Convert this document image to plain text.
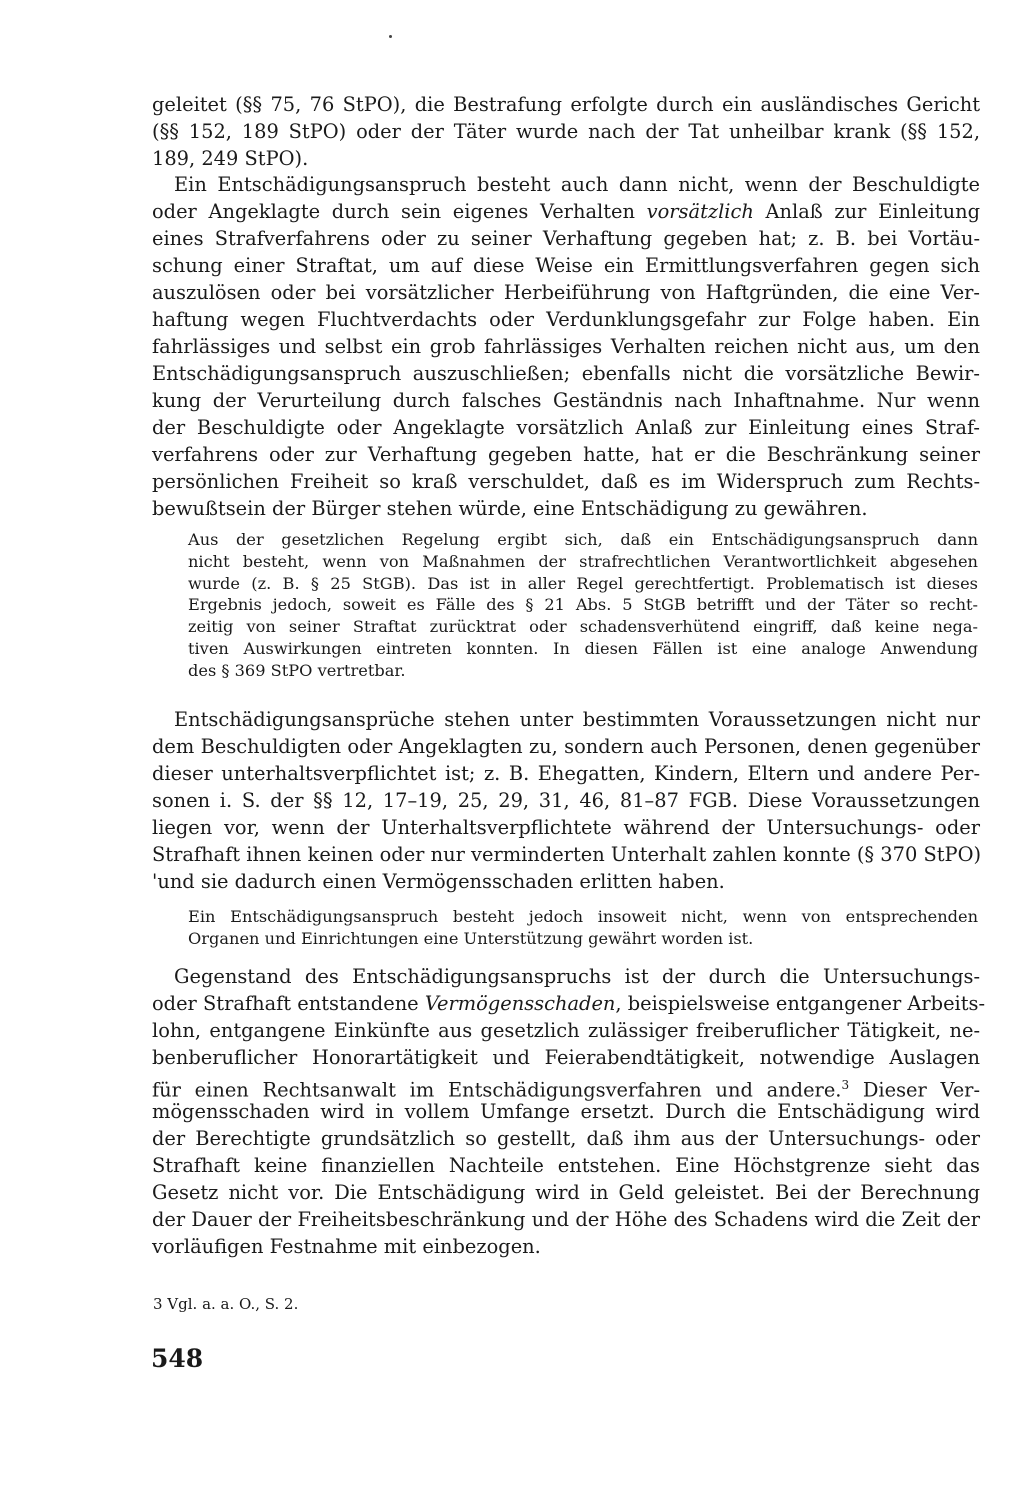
geleitet (§§ 75, 76 StPO), die Bestrafung erfolgte durch ein ausländisches Gericht
(§§ 152, 189 StPO) oder der Täter wurde nach der Tat unheilbar krank (§§ 152,
189, 249 StPO).
Ein Entschädigungsanspruch besteht auch dann nicht, wenn der Beschuldigte
oder Angeklagte durch sein eigenes Verhalten vorsätzlich Anlaß zur Einleitung
eines Strafverfahrens oder zu seiner Verhaftung gegeben hat; z. B. bei Vortäu-
schung einer Straftat, um auf diese Weise ein Ermittlungsverfahren gegen sich
auszulösen oder bei vorsätzlicher Herbeiführung von Haftgründen, die eine Ver-
haftung wegen Fluchtverdachts oder Verdunklungsgefahr zur Folge haben. Ein
fahrlässiges und selbst ein grob fahrlässiges Verhalten reichen nicht aus, um den
Entschädigungsanspruch auszuschließen; ebenfalls nicht die vorsätzliche Bewir-
kung der Verurteilung durch falsches Geständnis nach Inhaftnahme. Nur wenn
der Beschuldigte oder Angeklagte vorsätzlich Anlaß zur Einleitung eines Straf-
verfahrens oder zur Verhaftung gegeben hatte, hat er die Beschränkung seiner
persönlichen Freiheit so kraß verschuldet, daß es im Widerspruch zum Rechts-
bewußtsein der Bürger stehen würde, eine Entschädigung zu gewähren.
Aus der gesetzlichen Regelung ergibt sich, daß ein Entschädigungsanspruch dann
nicht besteht, wenn von Maßnahmen der strafrechtlichen Verantwortlichkeit abgesehen
wurde (z. B. § 25 StGB). Das ist in aller Regel gerechtfertigt. Problematisch ist dieses
Ergebnis jedoch, soweit es Fälle des § 21 Abs. 5 StGB betrifft und der Täter so recht-
zeitig von seiner Straftat zurücktrat oder schadensverhütend eingriff, daß keine nega-
tiven Auswirkungen eintreten konnten. In diesen Fällen ist eine analoge Anwendung
des § 369 StPO vertretbar.
Entschädigungsansprüche stehen unter bestimmten Voraussetzungen nicht nur
dem Beschuldigten oder Angeklagten zu, sondern auch Personen, denen gegenüber
dieser unterhaltsverpflichtet ist; z. B. Ehegatten, Kindern, Eltern und andere Per-
sonen i. S. der §§ 12, 17–19, 25, 29, 31, 46, 81–87 FGB. Diese Voraussetzungen
liegen vor, wenn der Unterhaltsverpflichtete während der Untersuchungs- oder
Strafhaft ihnen keinen oder nur verminderten Unterhalt zahlen konnte (§ 370 StPO)
'und sie dadurch einen Vermögensschaden erlitten haben.
Ein Entschädigungsanspruch besteht jedoch insoweit nicht, wenn von entsprechenden
Organen und Einrichtungen eine Unterstützung gewährt worden ist.
Gegenstand des Entschädigungsanspruchs ist der durch die Untersuchungs-
oder Strafhaft entstandene Vermögensschaden, beispielsweise entgangener Arbeits-
lohn, entgangene Einkünfte aus gesetzlich zulässiger freiberuflicher Tätigkeit, ne-
benberuflicher Honorartätigkeit und Feierabendtätigkeit, notwendige Auslagen
für einen Rechtsanwalt im Entschädigungsverfahren und andere.$^3$ Dieser Ver-
mögensschaden wird in vollem Umfange ersetzt. Durch die Entschädigung wird
der Berechtigte grundsätzlich so gestellt, daß ihm aus der Untersuchungs- oder
Strafhaft keine finanziellen Nachteile entstehen. Eine Höchstgrenze sieht das
Gesetz nicht vor. Die Entschädigung wird in Geld geleistet. Bei der Berechnung
der Dauer der Freiheitsbeschränkung und der Höhe des Schadens wird die Zeit der
vorläufigen Festnahme mit einbezogen.
3 Vgl. a. a. O., S. 2.
548
